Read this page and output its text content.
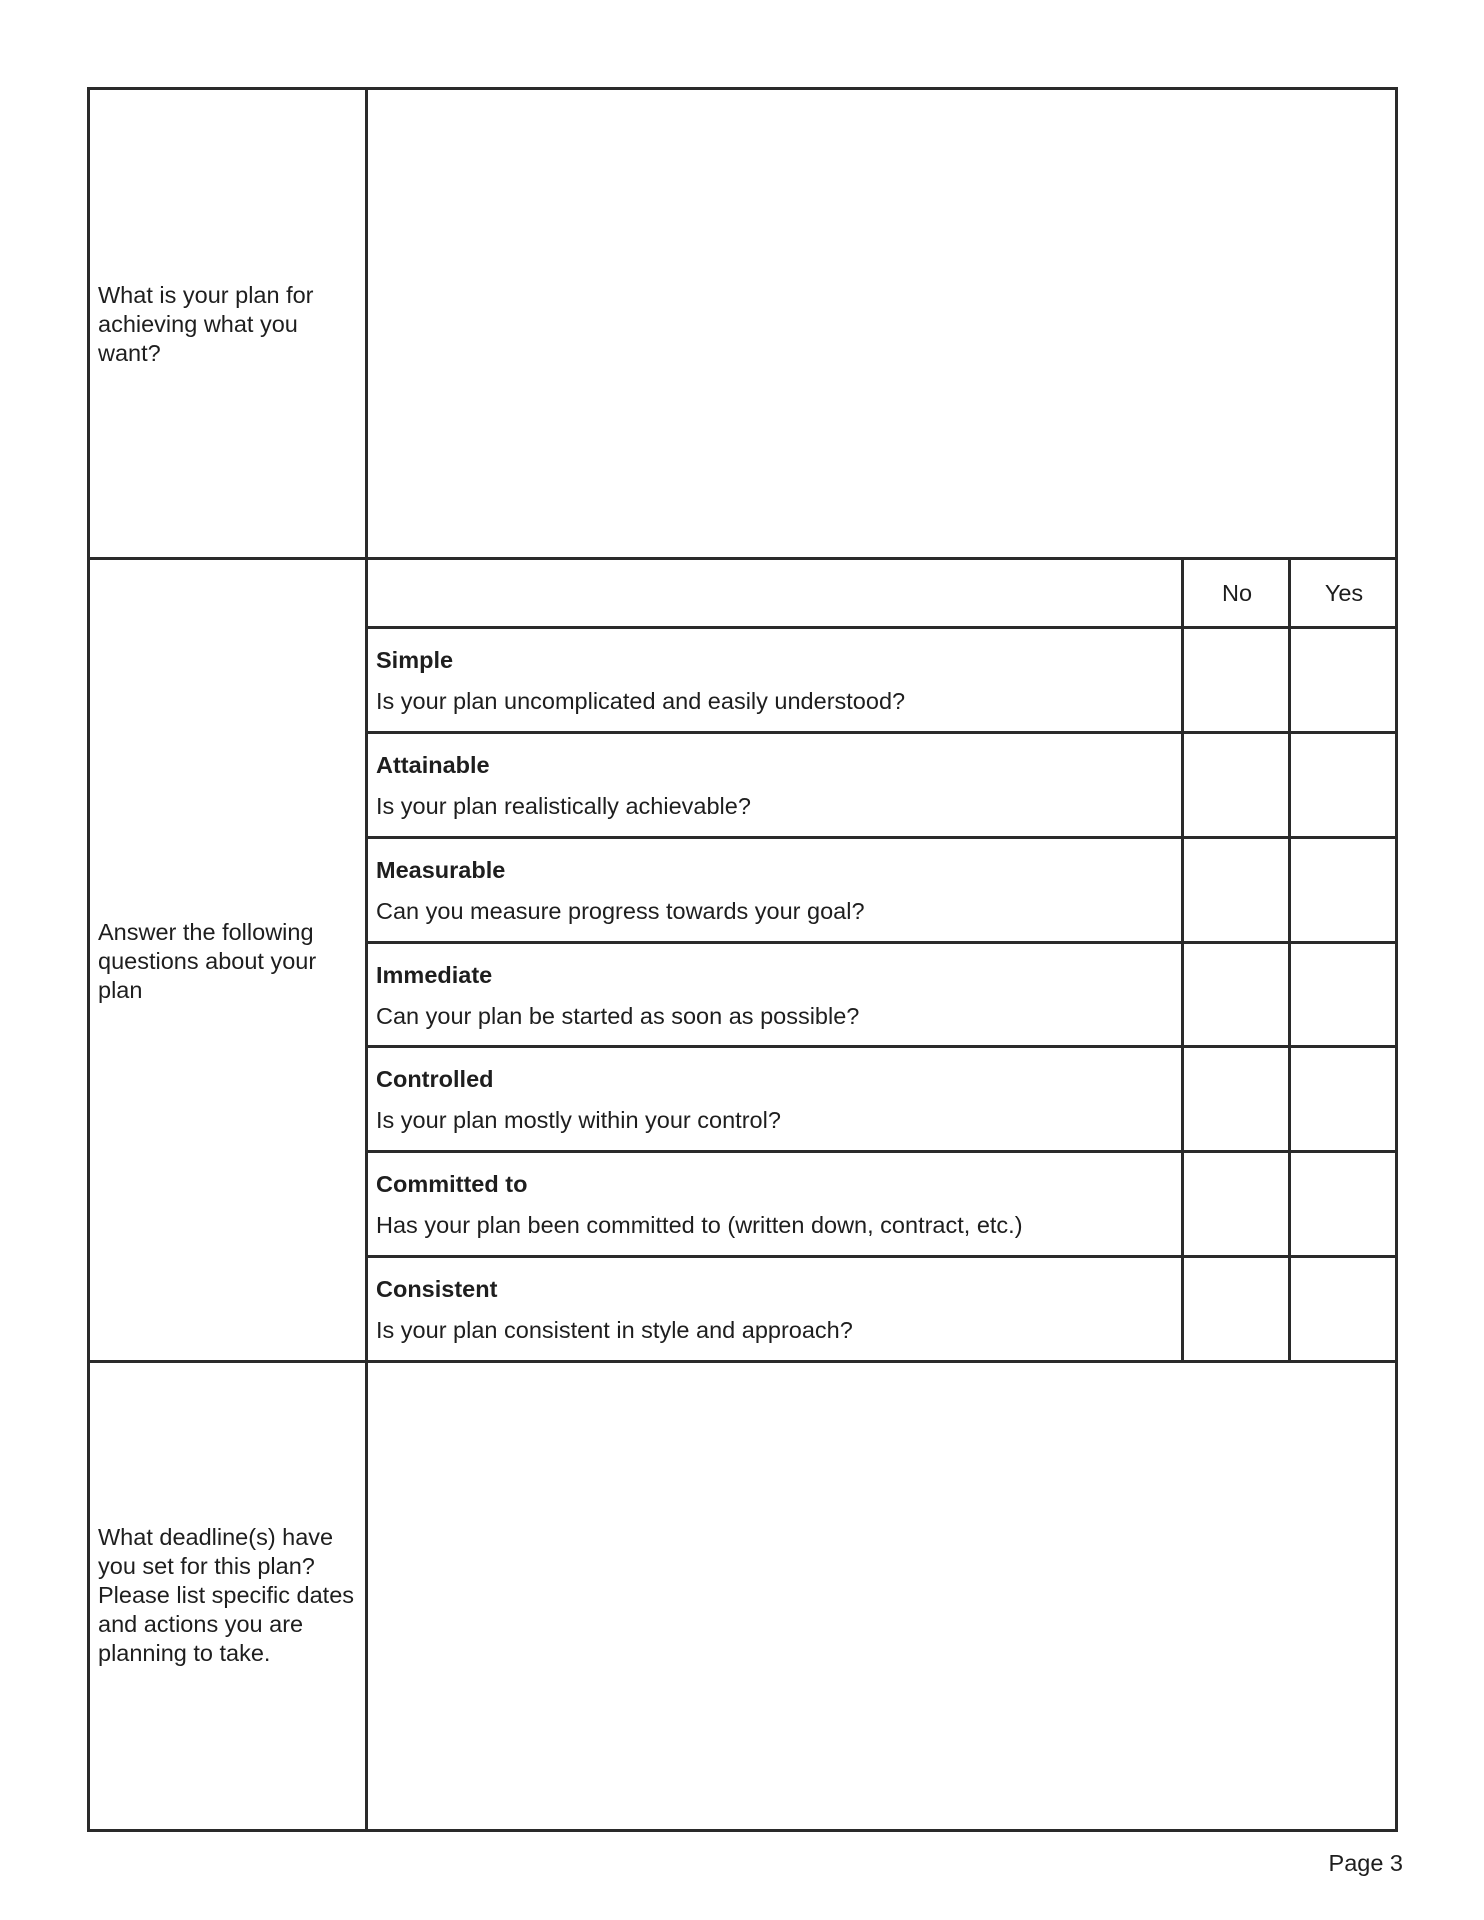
What is your plan for achieving what you want?
Answer the following questions about your plan
No	Yes
Simple
Is your plan uncomplicated and easily understood?
Attainable
Is your plan realistically achievable?
Measurable
Can you measure progress towards your goal?
Immediate
Can your plan be started as soon as possible?
Controlled
Is your plan mostly within your control?
Committed to
Has your plan been committed to (written down, contract, etc.)
Consistent
Is your plan consistent in style and approach?
What deadline(s) have you set for this plan? Please list specific dates and actions you are planning to take.
Page 3
